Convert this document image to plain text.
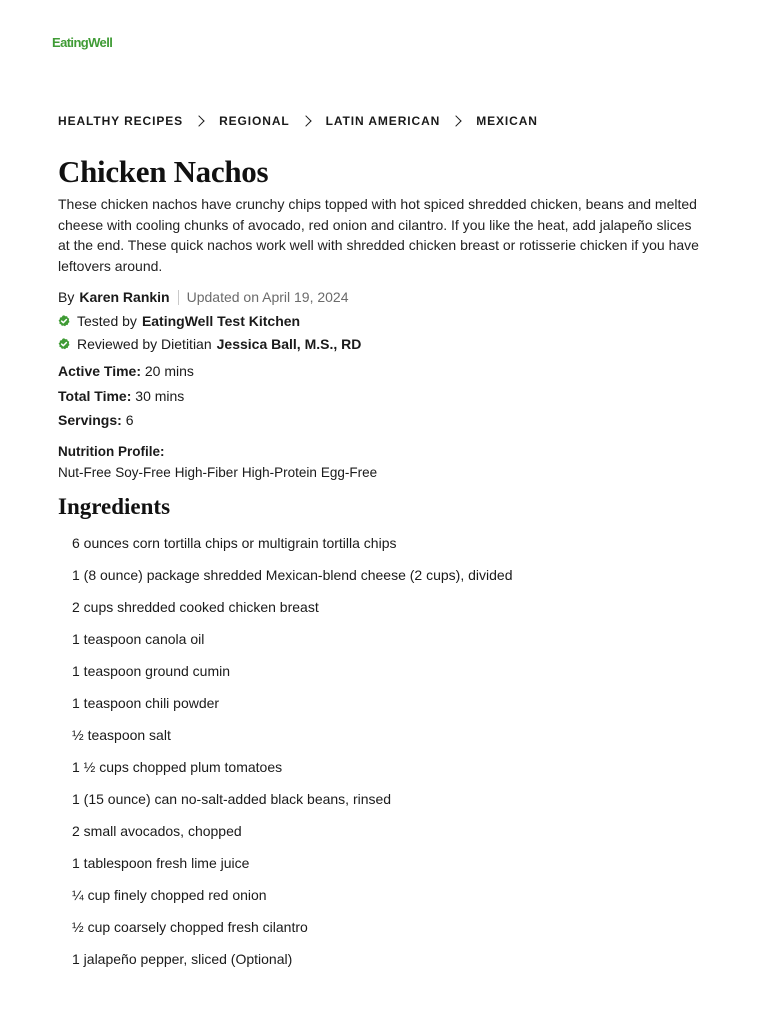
EatingWell
HEALTHY RECIPES	REGIONAL	LATIN AMERICAN	MEXICAN
Chicken Nachos

These chicken nachos have crunchy chips topped with hot spiced shredded chicken, beans and melted cheese with cooling chunks of avocado, red onion and cilantro. If you like the heat, add jalapeño slices at the end. These quick nachos work well with shredded chicken breast or rotisserie chicken if you have leftovers around.

By Karen Rankin Updated on April 19, 2024
Tested by EatingWell Test Kitchen
Reviewed by Dietitian Jessica Ball, M.S., RD
Active Time: 20 mins
Total Time: 30 mins
Servings: 6
Nutrition Profile:
Nut-Free Soy-Free High-Fiber High-Protein Egg-Free
Ingredients
6 ounces corn tortilla chips or multigrain tortilla chips
1 (8 ounce) package shredded Mexican-blend cheese (2 cups), divided
2 cups shredded cooked chicken breast
1 teaspoon canola oil
1 teaspoon ground cumin
1 teaspoon chili powder
½ teaspoon salt
1 ½ cups chopped plum tomatoes
1 (15 ounce) can no-salt-added black beans, rinsed
2 small avocados, chopped
1 tablespoon fresh lime juice
¼ cup finely chopped red onion
½ cup coarsely chopped fresh cilantro
1 jalapeño pepper, sliced (Optional)
